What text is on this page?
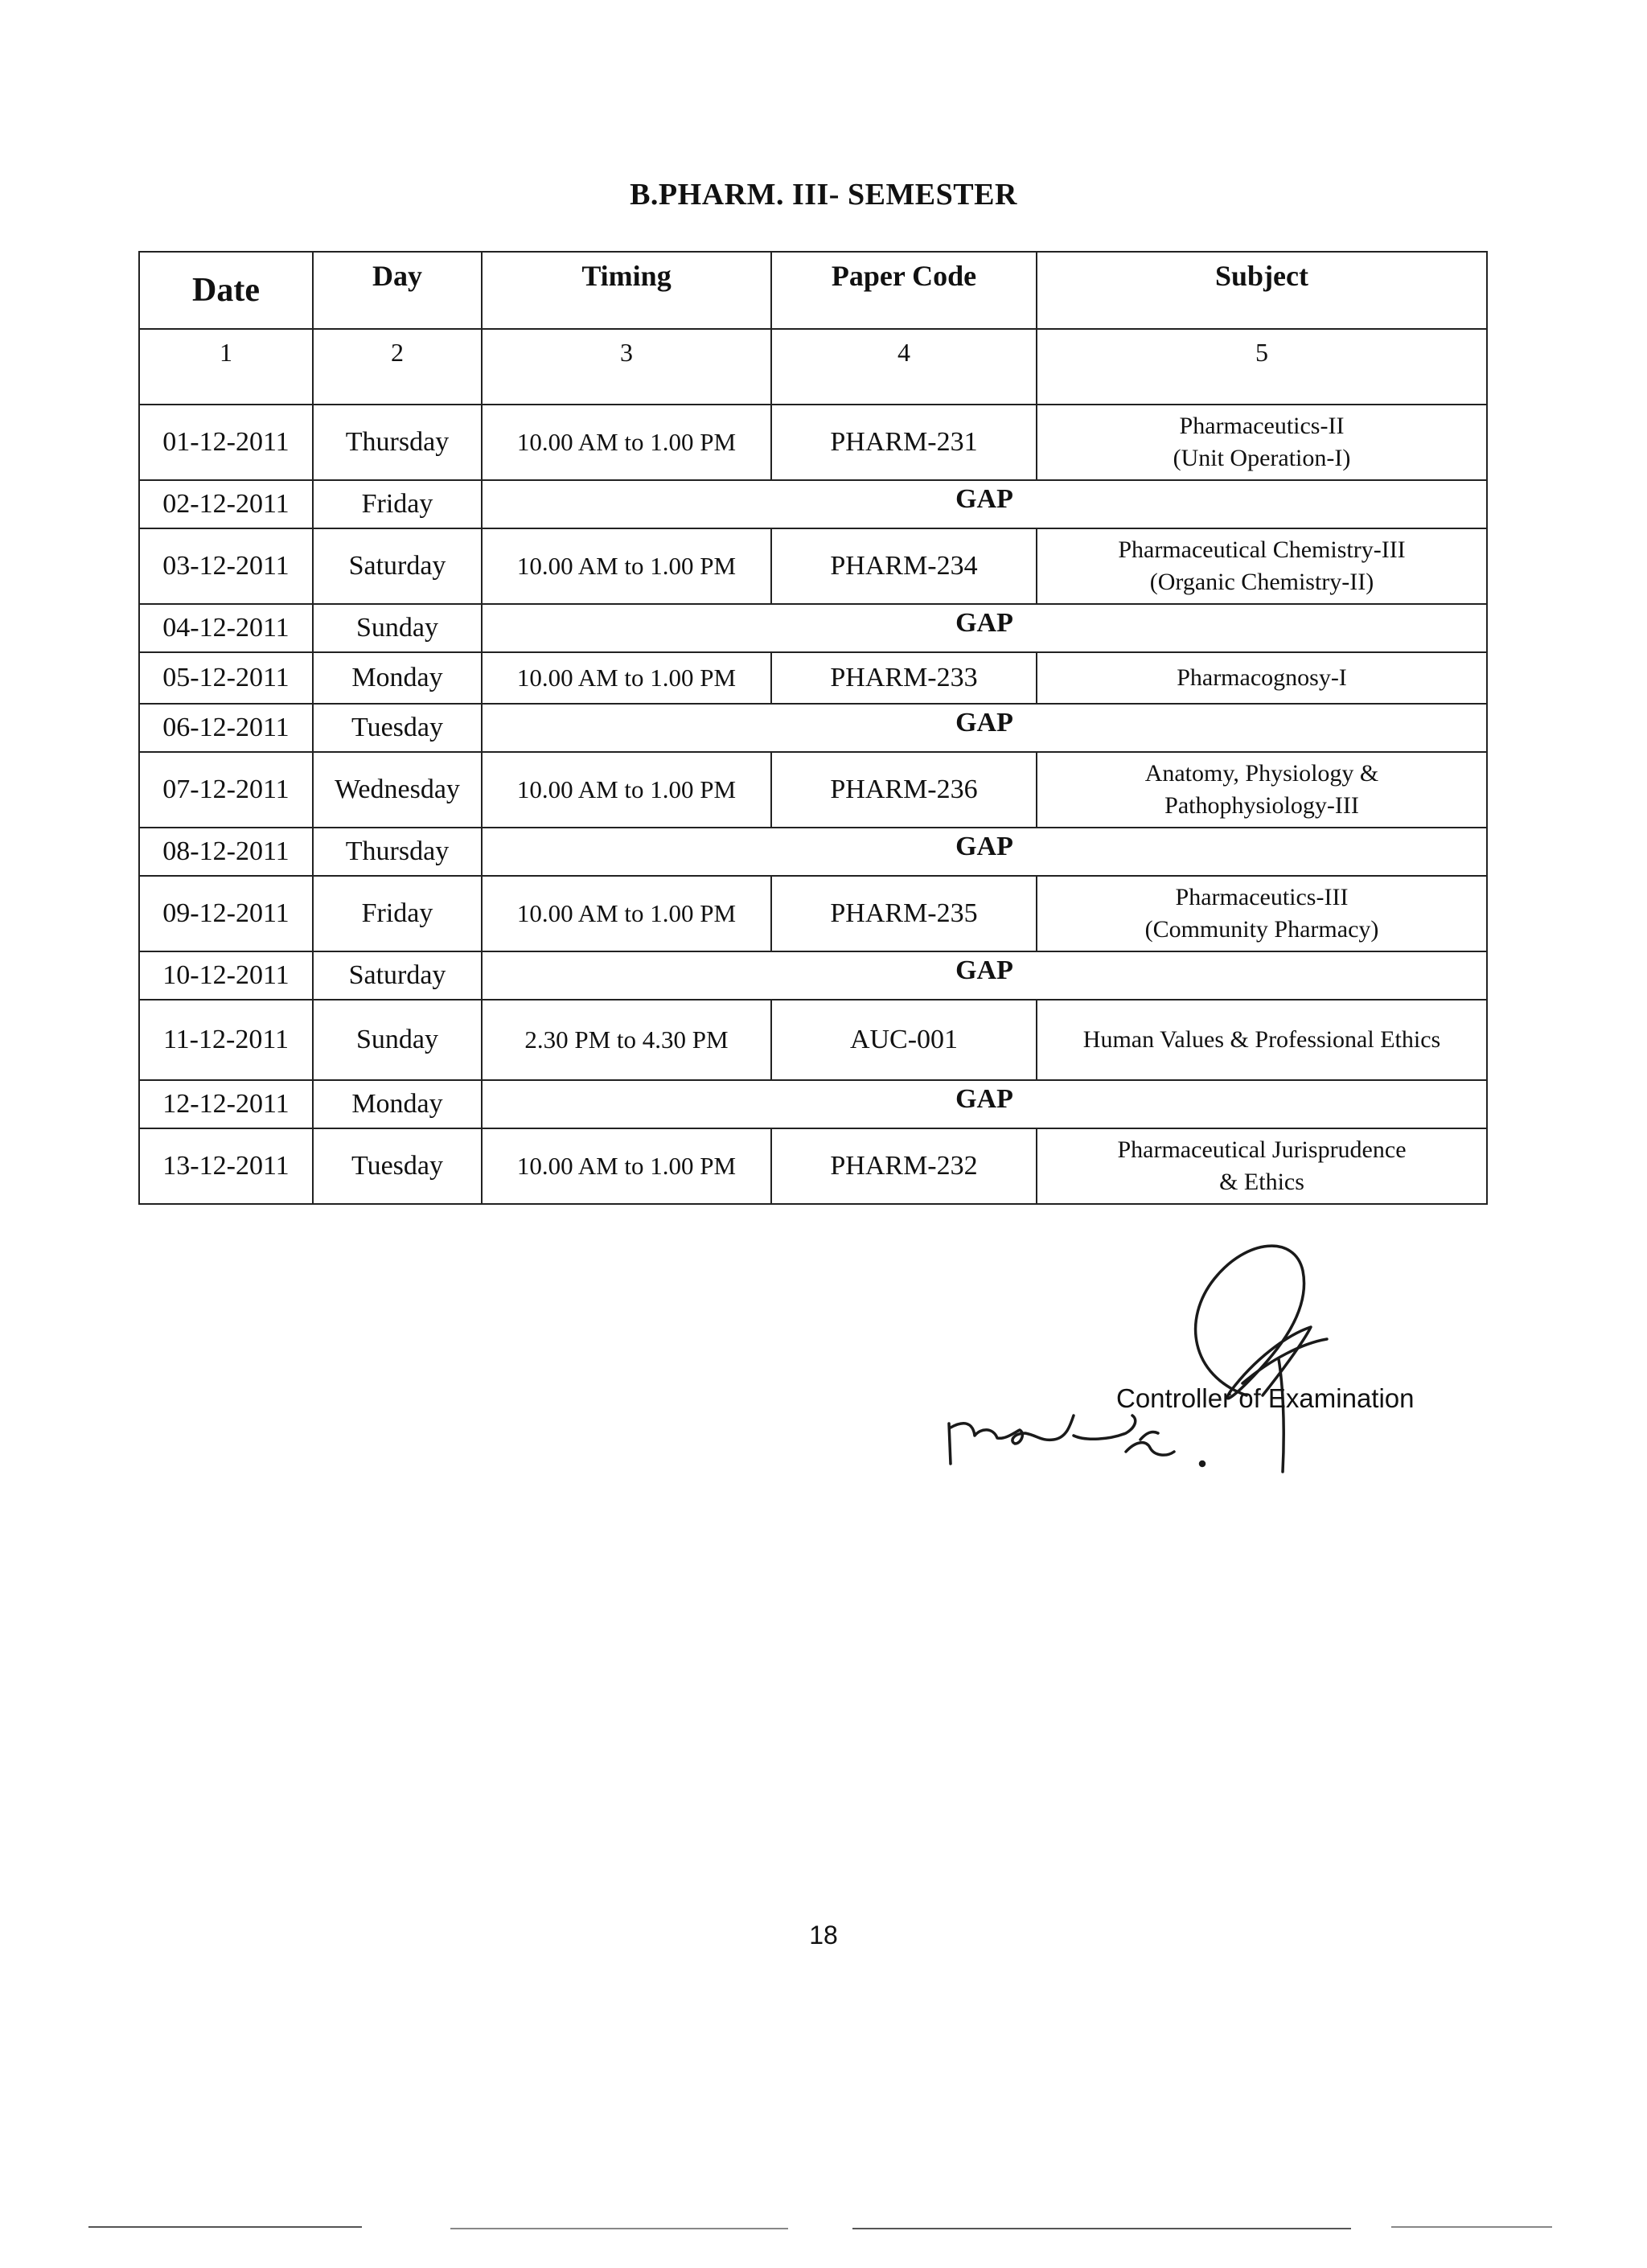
B.PHARM. III- SEMESTER
Date	Day	Timing	Paper Code	Subject
1	2	3	4	5
01-12-2011	Thursday	10.00 AM to 1.00 PM	PHARM-231	Pharmaceutics-II
(Unit Operation-I)

02-12-2011	Friday	GAP		
03-12-2011	Saturday	10.00 AM to 1.00 PM	PHARM-234	Pharmaceutical Chemistry-III
(Organic Chemistry-II)

04-12-2011	Sunday	GAP		
05-12-2011	Monday	10.00 AM to 1.00 PM	PHARM-233	Pharmacognosy-I

06-12-2011	Tuesday	GAP		
07-12-2011	Wednesday	10.00 AM to 1.00 PM	PHARM-236	Anatomy, Physiology &
Pathophysiology-III

08-12-2011	Thursday	GAP		
09-12-2011	Friday	10.00 AM to 1.00 PM	PHARM-235	Pharmaceutics-III
(Community Pharmacy)

10-12-2011	Saturday	GAP		
11-12-2011	Sunday	2.30 PM to 4.30 PM	AUC-001	Human Values & Professional Ethics

12-12-2011	Monday	GAP		
13-12-2011	Tuesday	10.00 AM to 1.00 PM	PHARM-232	Pharmaceutical Jurisprudence
& Ethics
Controller of Examination
18
